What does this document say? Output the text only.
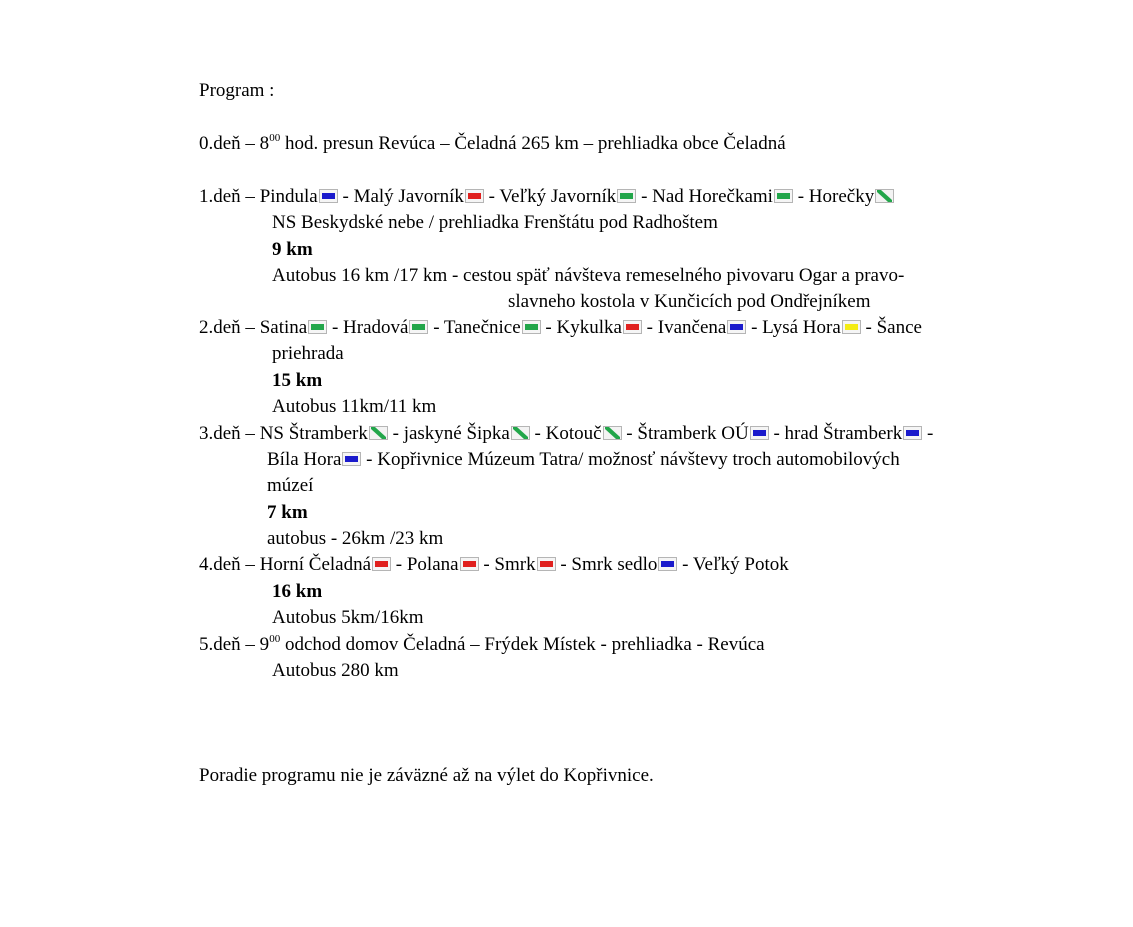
Program :
0.deň – $8^{00}$ hod. presun Revúca – Čeladná 265 km – prehliadka obce Čeladná
1.deň – Pindula - Malý Javorník - Veľký Javorník - Nad Horečkami - Horečky
NS Beskydské nebe / prehliadka Frenštátu pod Radhoštem
9 km
Autobus 16 km /17 km - cestou späť návšteva remeselného pivovaru Ogar a pravo-
slavneho kostola v Kunčicích pod Ondřejníkem
2.deň – Satina - Hradová - Tanečnice - Kykulka - Ivančena - Lysá Hora - Šance
priehrada
15 km
Autobus 11km/11 km
3.deň – NS Štramberk
- jaskyné Šipka
- Kotouč
- Štramberk OÚ - hrad Štramberk -
Bíla Hora - Kopřivnice Múzeum Tatra/ možnosť návštevy troch automobilových
múzeí
7 km
autobus - 26km /23 km
4.deň – Horní Čeladná - Polana - Smrk - Smrk sedlo - Veľký Potok
16 km
Autobus 5km/16km
5.deň – $9^{00}$ odchod domov Čeladná – Frýdek Místek - prehliadka - Revúca
Autobus 280 km
Poradie programu nie je záväzné až na výlet do Kopřivnice.
